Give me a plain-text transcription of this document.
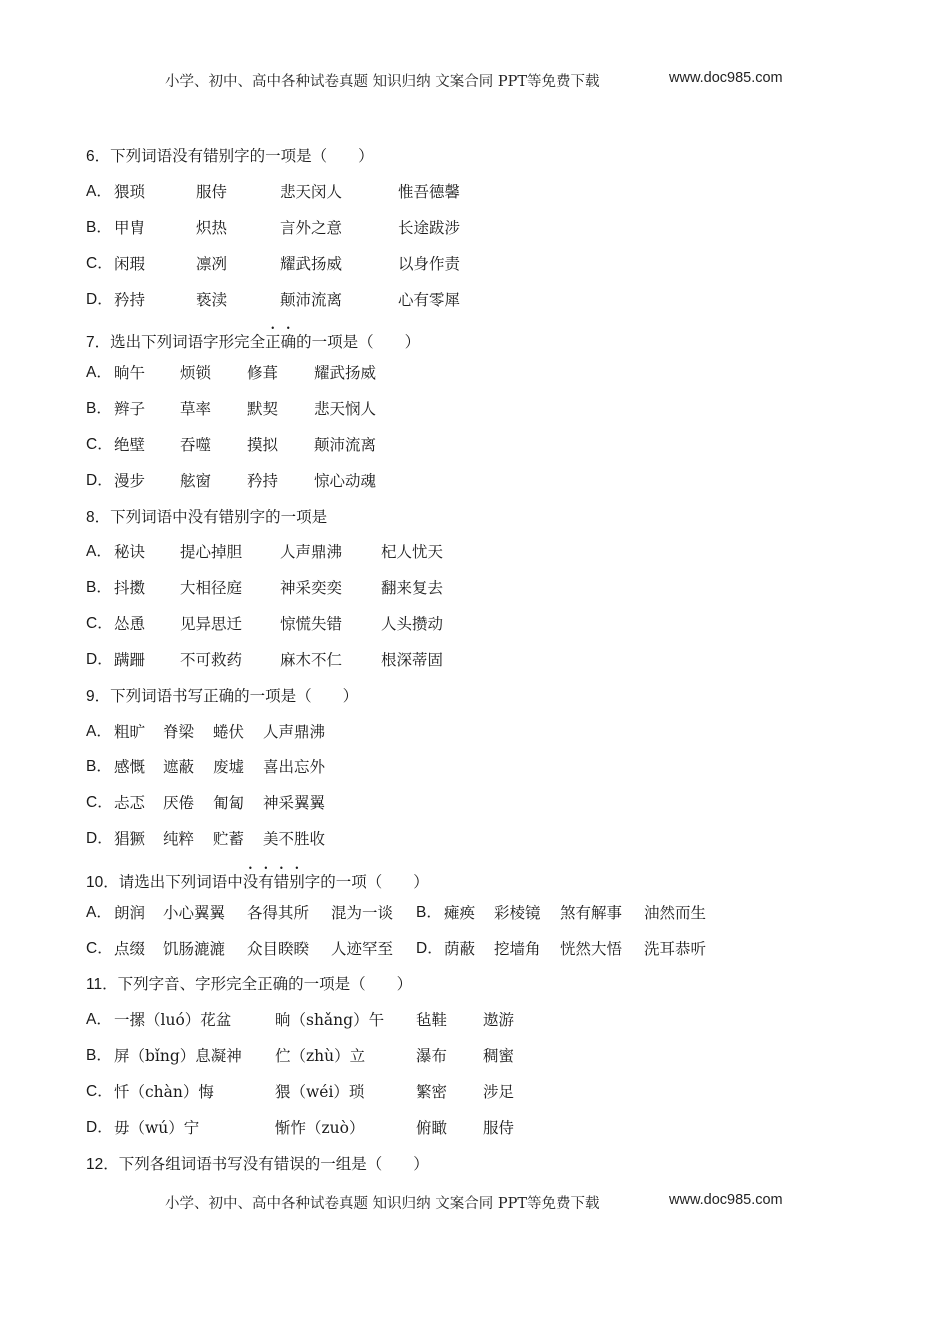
小学、初中、高中各种试卷真题 知识归纳 文案合同 PPT等免费下载	www.doc985.com
6．下列词语没有错别字的一项是（　　）
A． 猥琐	服侍	悲天闵人	惟吾德馨
B． 甲胄	炽热	言外之意	长途跋涉
C． 闲瑕	凛冽	耀武扬威	以身作责
D． 矜持	亵渎	颠沛流离	心有零犀
7．选出下列词语字形完全正确的一项是（　　）
A． 晌午 烦锁 修葺 耀武扬威
B． 辫子 草率 默契 悲天悯人
C． 绝壁 吞噬 摸拟 颠沛流离
D． 漫步 舷窗 矜持 惊心动魂
8．下列词语中没有错别字的一项是
A． 秘诀 提心掉胆 人声鼎沸	杞人忧天
B． 抖擞 大相径庭 神采奕奕	翻来复去
C． 怂恿 见异思迁 惊慌失错	人头攒动
D． 蹒跚 不可救药 麻木不仁	根深蒂固
9．下列词语书写正确的一项是（　　）
A． 粗旷 脊梁 蜷伏 人声鼎沸
B． 感慨 遮蔽 废墟 喜出忘外
C． 忐忑 厌倦 匍匐 神采翼翼
D． 猖獗 纯粹 贮蓄 美不胜收
10．请选出下列词语中没有错别字的一项（　　）
A． 朗润 小心翼翼 各得其所 混为一谈 B． 瘫痪 彩棱镜 煞有解事 油然而生
C． 点缀 饥肠漉漉 众目睽睽 人迹罕至 D． 荫蔽 挖墙角 恍然大悟 洗耳恭听
11．下列字音、字形完全正确的一项是（　　）
A． 一摞（luó）花盆	晌（shǎng）午 毡鞋 遨游
B． 屏（bǐng）息凝神 伫（zhù）立	瀑布 稠蜜
C． 忏（chàn）悔	猥（wéi）琐	繁密 涉足
D． 毋（wú）宁	惭怍（zuò）	俯瞰 服侍
12．下列各组词语书写没有错误的一组是（　　）
小学、初中、高中各种试卷真题 知识归纳 文案合同 PPT等免费下载	www.doc985.com
